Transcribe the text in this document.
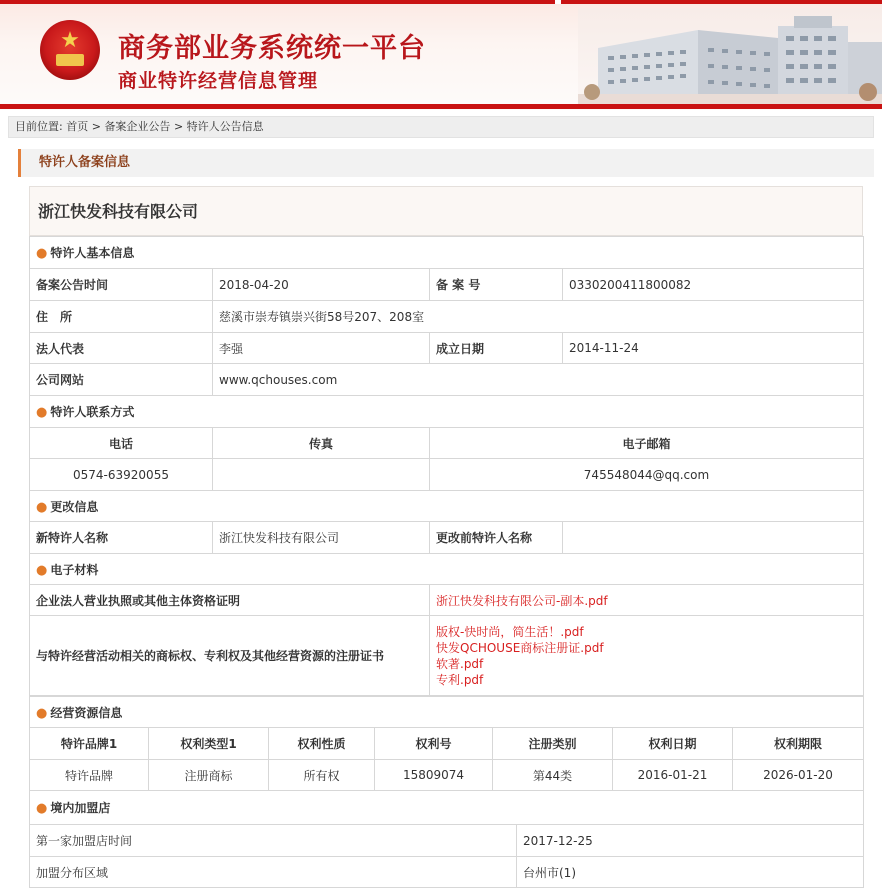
★	商务部业务系统统一平台
商业特许经营信息管理
目前位置: 首页 > 备案企业公告 > 特许人公告信息
特许人备案信息
浙江快发科技有限公司
● 特许人基本信息			
备案公告时间	2018-04-20	备 案 号	0330200411800082
住　所	慈溪市崇寿镇崇兴街58号207、208室		
法人代表	李强	成立日期	2014-11-24
公司网站	www.qchouses.com		
● 特许人联系方式			
电话	传真	电子邮箱
0574-63920055		745548044@qq.com
● 更改信息
新特许人名称	浙江快发科技有限公司	更改前特许人名称	
● 电子材料
企业法人营业执照或其他主体资格证明	浙江快发科技有限公司-副本.pdf
与特许经营活动相关的商标权、专利权及其他经营资源的注册证书	版权-快时尚，简生活！.pdf
快发QCHOUSE商标注册证.pdf
软著.pdf
专利.pdf
● 经营资源信息						
特许品牌1	权利类型1	权利性质	权利号	注册类别	权利日期	权利期限
特许品牌	注册商标	所有权	15809074	第44类	2016-01-21	2026-01-20
● 境内加盟店						
第一家加盟店时间	2017-12-25
加盟分布区域	台州市(1)
